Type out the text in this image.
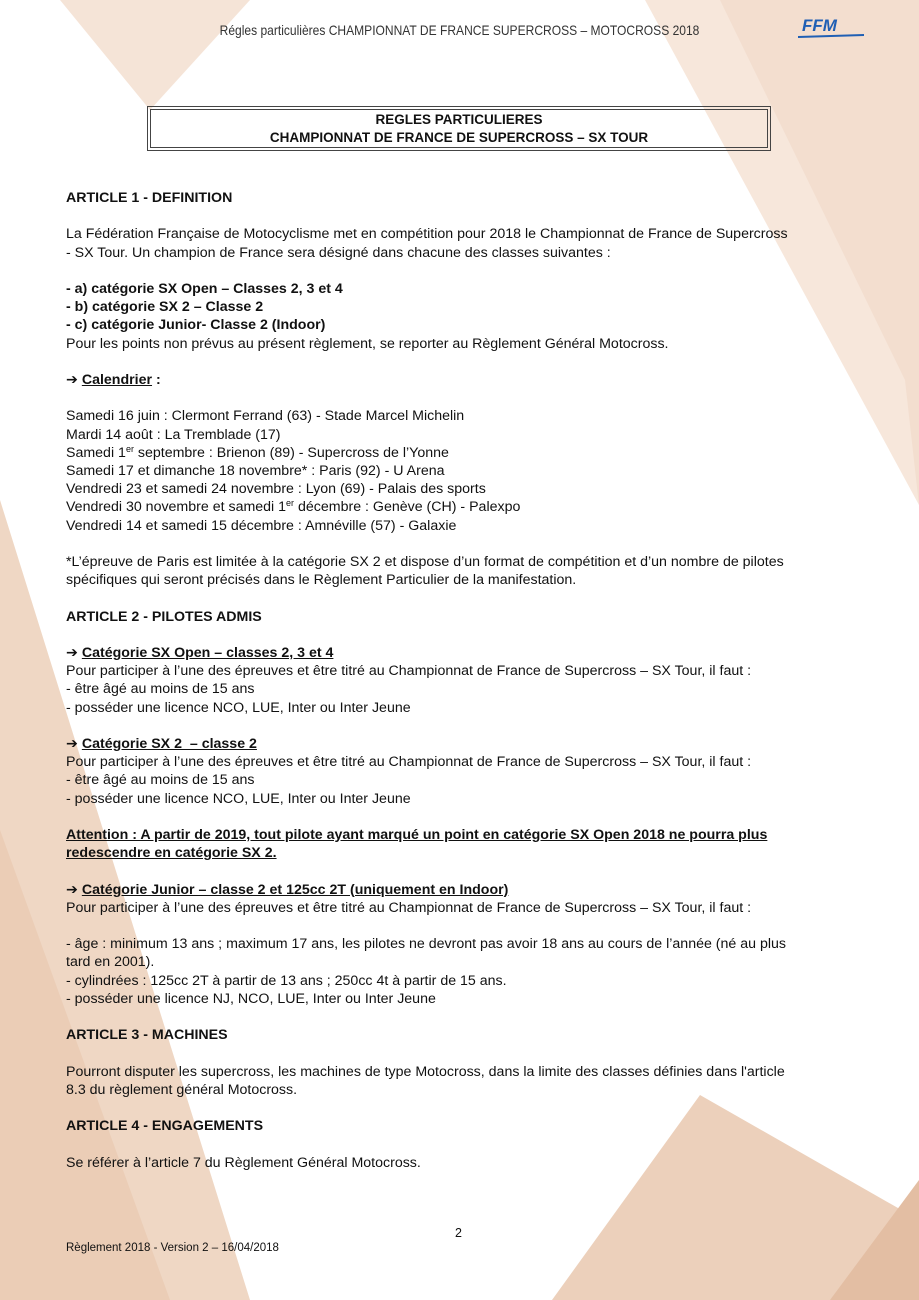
Régles particulières CHAMPIONNAT DE FRANCE SUPERCROSS – MOTOCROSS 2018	FFM
REGLES PARTICULIERES
CHAMPIONNAT DE FRANCE DE SUPERCROSS – SX TOUR

ARTICLE 1 - DEFINITION

La Fédération Française de Motocyclisme met en compétition pour 2018 le Championnat de France de Supercross

- SX Tour. Un champion de France sera désigné dans chacune des classes suivantes :

- a) catégorie SX Open – Classes 2, 3 et 4

- b) catégorie SX 2 – Classe 2

- c) catégorie Junior- Classe 2 (Indoor)

Pour les points non prévus au présent règlement, se reporter au Règlement Général Motocross.

➔ Calendrier :

Samedi 16 juin : Clermont Ferrand (63) - Stade Marcel Michelin

Mardi 14 août : La Tremblade (17)

Samedi 1er septembre : Brienon (89) - Supercross de l’Yonne

Samedi 17 et dimanche 18 novembre* : Paris (92) - U Arena

Vendredi 23 et samedi 24 novembre : Lyon (69) - Palais des sports

Vendredi 30 novembre et samedi 1er décembre : Genève (CH) - Palexpo

Vendredi 14 et samedi 15 décembre : Amnéville (57) - Galaxie

*L’épreuve de Paris est limitée à la catégorie SX 2 et dispose d’un format de compétition et d’un nombre de pilotes

spécifiques qui seront précisés dans le Règlement Particulier de la manifestation.

ARTICLE 2 - PILOTES ADMIS

➔ Catégorie SX Open – classes 2, 3 et 4

Pour participer à l’une des épreuves et être titré au Championnat de France de Supercross – SX Tour, il faut :

- être âgé au moins de 15 ans

- posséder une licence NCO, LUE, Inter ou Inter Jeune

➔ Catégorie SX 2  – classe 2

Pour participer à l’une des épreuves et être titré au Championnat de France de Supercross – SX Tour, il faut :

- être âgé au moins de 15 ans

- posséder une licence NCO, LUE, Inter ou Inter Jeune

Attention : A partir de 2019, tout pilote ayant marqué un point en catégorie SX Open 2018 ne pourra plus

redescendre en catégorie SX 2.

➔ Catégorie Junior – classe 2 et 125cc 2T (uniquement en Indoor)

Pour participer à l’une des épreuves et être titré au Championnat de France de Supercross – SX Tour, il faut :

- âge : minimum 13 ans ; maximum 17 ans, les pilotes ne devront pas avoir 18 ans au cours de l’année (né au plus

tard en 2001).

- cylindrées : 125cc 2T à partir de 13 ans ; 250cc 4t à partir de 15 ans.

- posséder une licence NJ, NCO, LUE, Inter ou Inter Jeune

ARTICLE 3 - MACHINES

Pourront disputer les supercross, les machines de type Motocross, dans la limite des classes définies dans l'article

8.3 du règlement général Motocross.

ARTICLE 4 - ENGAGEMENTS

Se référer à l’article 7 du Règlement Général Motocross.

2
Règlement 2018 - Version 2 – 16/04/2018
